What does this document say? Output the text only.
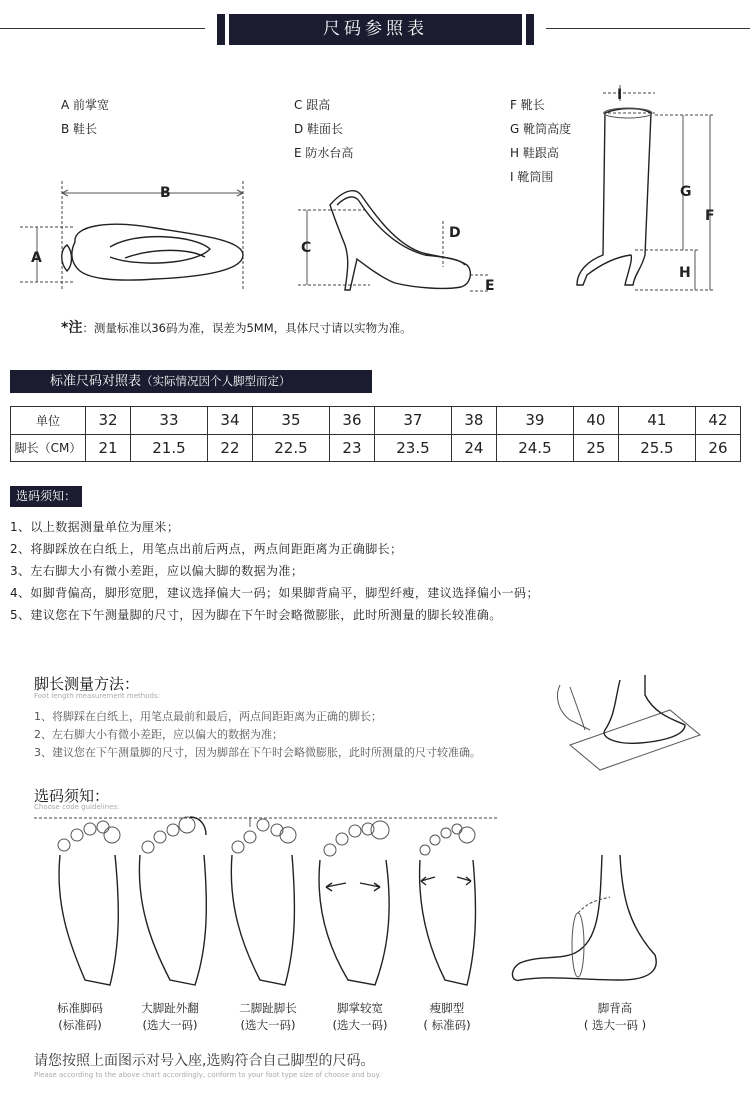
尺码参照表
A 前掌宽
B 鞋长
C 跟高
D 鞋面长
E 防水台高
F 靴长
G 靴筒高度
H 鞋跟高
I 靴筒围
B
A
C
D
E
I
G
F
H
*注：测量标准以36码为准，误差为5MM，具体尺寸请以实物为准。
标准尺码对照表（实际情况因个人脚型而定）
单位	32	33	34	35	36	37	38	39	40	41	42
脚长（CM）	21	21.5	22	22.5	23	23.5	24	24.5	25	25.5	26
选码须知：
1、以上数据测量单位为厘米；
2、将脚踩放在白纸上，用笔点出前后两点，两点间距距离为正确脚长；
3、左右脚大小有微小差距，应以偏大脚的数据为准；
4、如脚背偏高，脚形宽肥，建议选择偏大一码；如果脚背扁平，脚型纤瘦，建议选择偏小一码；
5、建议您在下午测量脚的尺寸，因为脚在下午时会略微膨胀，此时所测量的脚长较准确。
脚长测量方法：
Foot length measurement methods:
1、将脚踩在白纸上，用笔点最前和最后，两点间距距离为正确的脚长；
2、左右脚大小有微小差距，应以偏大的数据为准；
3、建议您在下午测量脚的尺寸，因为脚部在下午时会略微膨胀，此时所测量的尺寸较准确。
选码须知：
Choose code guidelines:
标准脚码
(标准码)
大脚趾外翻
(选大一码)
二脚趾脚长
(选大一码)
脚掌较宽
(选大一码)
瘦脚型
( 标准码)
脚背高
( 选大一码 )
请您按照上面图示对号入座,选购符合自己脚型的尺码。
Please according to the above chart accordingly, conform to your foot type size of choose and buy.
